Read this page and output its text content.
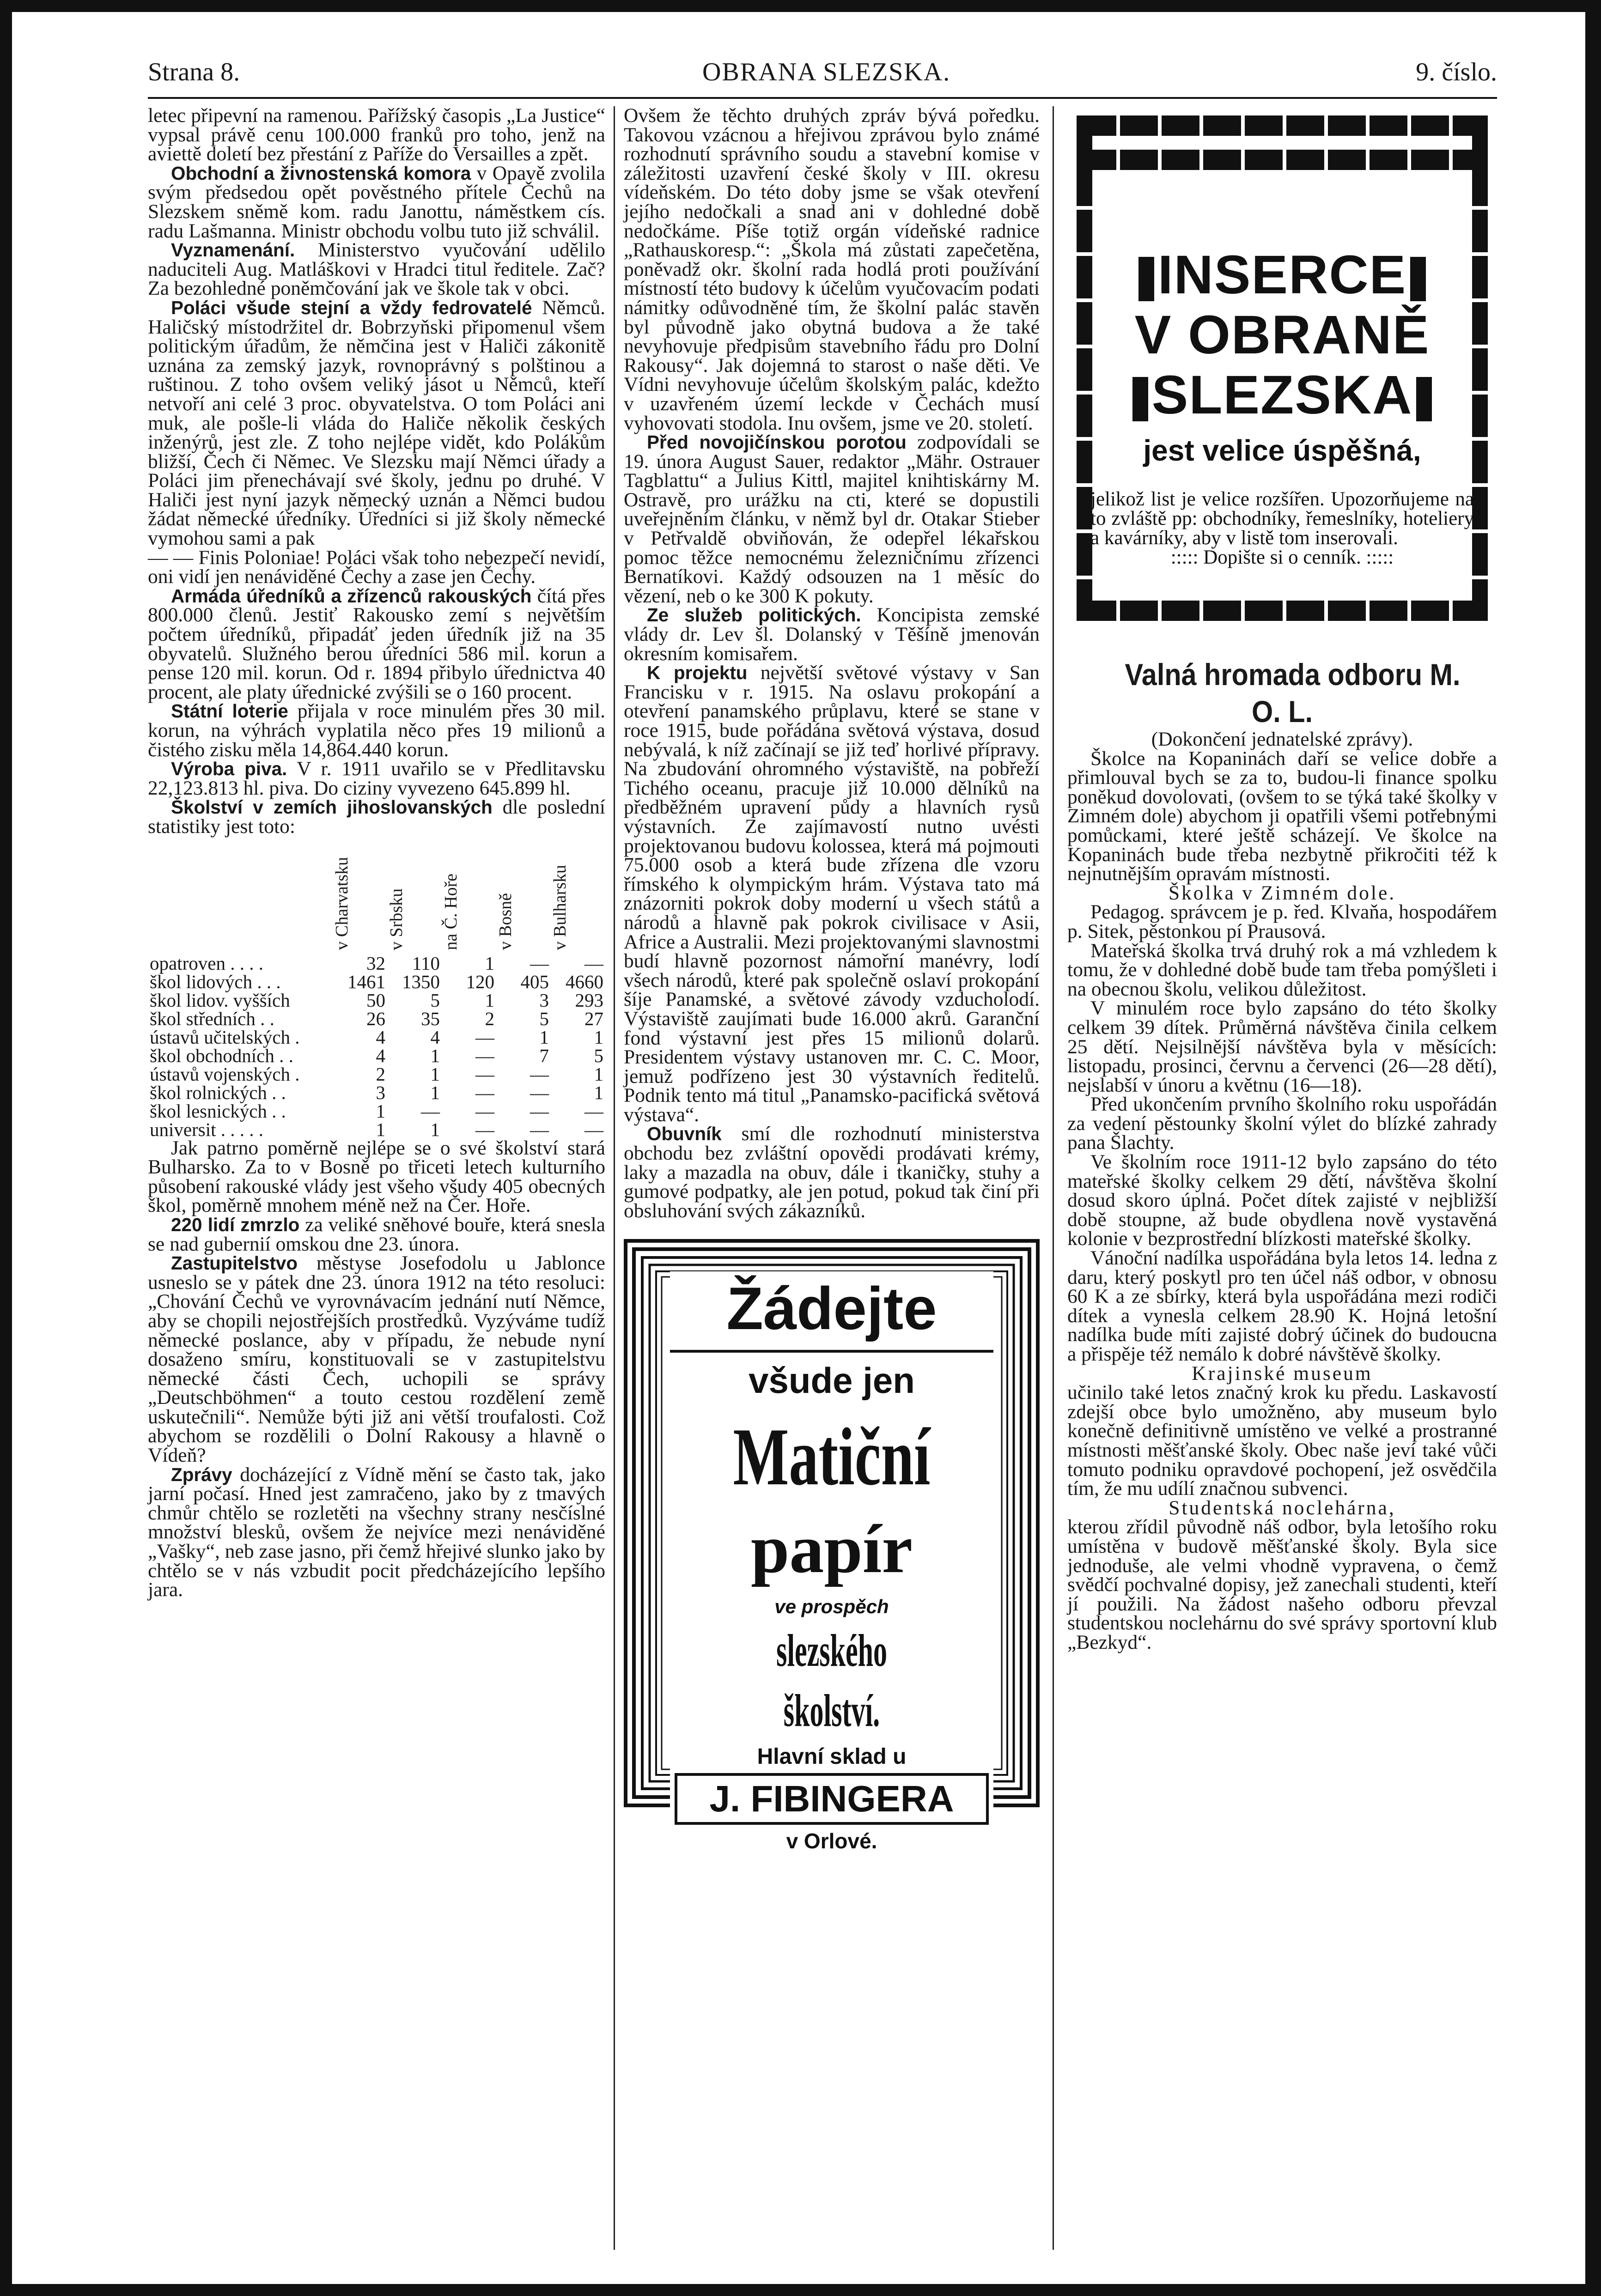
Strana 8.	OBRANA SLEZSKA.	9. číslo.

letec připevní na ramenou. Pařížský časopis „La Justice“ vypsal právě cenu 100.000 franků pro toho, jenž na aviettě doletí bez přestání z Paříže do Versailles a zpět.

Obchodní a živnostenská komora v Opavě zvolila svým předsedou opět pověstného přítele Čechů na Slezskem sněmě kom. radu Janottu, náměstkem cís. radu Lašmanna. Ministr obchodu volbu tuto již schválil.

Vyznamenání. Ministerstvo vyučování udělilo naduciteli Aug. Matláškovi v Hradci titul ředitele. Zač? Za bezohledné poněmčování jak ve škole tak v obci.

Poláci všude stejní a vždy fedrovatelé Němců. Haličský místodržitel dr. Bobrzyňski připomenul všem politickým úřadům, že němčina jest v Haliči zákonitě uznána za zemský jazyk, rovnoprávný s polštinou a ruštinou. Z toho ovšem veliký jásot u Němců, kteří netvoří ani celé 3 proc. obyvatelstva. O tom Poláci ani muk, ale pošle-li vláda do Haliče několik českých inženýrů, jest zle. Z toho nejlépe vidět, kdo Polákům bližší, Čech či Němec. Ve Slezsku mají Němci úřady a Poláci jim přenechávají své školy, jednu po druhé. V Haliči jest nyní jazyk německý uznán a Němci budou žádat německé úředníky. Úředníci si již školy německé vymohou sami a pak

— — Finis Poloniae! Poláci však toho nebezpečí nevidí, oni vidí jen nenáviděné Čechy a zase jen Čechy.

Armáda úředníků a zřízenců rakouských čítá přes 800.000 členů. Jestiť Rakousko zemí s největším počtem úředníků, připadáť jeden úředník již na 35 obyvatelů. Služného berou úředníci 586 mil. korun a pense 120 mil. korun. Od r. 1894 přibylo úřednictva 40 procent, ale platy úřednické zvýšili se o 160 procent.

Státní loterie přijala v roce minulém přes 30 mil. korun, na výhrách vyplatila něco přes 19 milionů a čistého zisku měla 14,864.440 korun.

Výroba piva. V r. 1911 uvařilo se v Předlitavsku 22,123.813 hl. piva. Do ciziny vyvezeno 645.899 hl.

Školství v zemích jihoslovanských dle poslední statistiky jest toto:

	v Charvatsku	v Srbsku	na Č. Hoře	v Bosně	v Bulharsku
opatroven . . . .	32	110	1	—	—
škol lidových . . .	1461	1350	120	405	4660
škol lidov. vyšších	50	5	1	3	293
škol středních . .	26	35	2	5	27
ústavů učitelských .	4	4	—	1	1
škol obchodních . .	4	1	—	7	5
ústavů vojenských .	2	1	—	—	1
škol rolnických . .	3	1	—	—	1
škol lesnických . .	1	—	—	—	—
universit . . . . .	1	1	—	—	—

Jak patrno poměrně nejlépe se o své školství stará Bulharsko. Za to v Bosně po třiceti letech kulturního působení rakouské vlády jest všeho všudy 405 obecných škol, poměrně mnohem méně než na Čer. Hoře.

220 lidí zmrzlo za veliké sněhové bouře, která snesla se nad gubernií omskou dne 23. února.

Zastupitelstvo městyse Josefodolu u Jablonce usneslo se v pátek dne 23. února 1912 na této resoluci: „Chování Čechů ve vyrovnávacím jednání nutí Němce, aby se chopili nejostřejších prostředků. Vyzýváme tudíž německé poslance, aby v případu, že nebude nyní dosaženo smíru, konstituovali se v zastupitelstvu německé části Čech, uchopili se správy „Deutschböhmen“ a touto cestou rozdělení země uskutečnili“. Nemůže býti již ani větší troufalosti. Což abychom se rozdělili o Dolní Rakousy a hlavně o Vídeň?

Zprávy docházející z Vídně mění se často tak, jako jarní počasí. Hned jest zamračeno, jako by z tmavých chmůr chtělo se rozletěti na všechny strany nesčíslné množství blesků, ovšem že nejvíce mezi nenáviděné „Vašky“, neb zase jasno, při čemž hřejivé slunko jako by chtělo se v nás vzbudit pocit předcházejícího lepšího jara.

Ovšem že těchto druhých zpráv bývá poředku. Takovou vzácnou a hřejivou zprávou bylo známé rozhodnutí správního soudu a stavební komise v záležitosti uzavření české školy v III. okresu vídeňském. Do této doby jsme se však otevření jejího nedočkali a snad ani v dohledné době nedočkáme. Píše totiž orgán vídeňské radnice „Rathauskoresp.“: „Škola má zůstati zapečetěna, poněvadž okr. školní rada hodlá proti používání místností této budovy k účelům vyučovacím podati námitky odůvodněné tím, že školní palác stavěn byl původně jako obytná budova a že také nevyhovuje předpisům stavebního řádu pro Dolní Rakousy“. Jak dojemná to starost o naše děti. Ve Vídni nevyhovuje účelům školským palác, kdežto v uzavřeném území leckde v Čechách musí vyhovovati stodola. Inu ovšem, jsme ve 20. století.

Před novojičínskou porotou zodpovídali se 19. února August Sauer, redaktor „Mähr. Ostrauer Tagblattu“ a Julius Kittl, majitel knihtiskárny M. Ostravě, pro urážku na cti, které se dopustili uveřejněním článku, v němž byl dr. Otakar Stieber v Petřvaldě obviňován, že odepřel lékařskou pomoc těžce nemocnému železničnímu zřízenci Bernatíkovi. Každý odsouzen na 1 měsíc do vězení, neb o ke 300 K pokuty.

Ze služeb politických. Koncipista zemské vlády dr. Lev šl. Dolanský v Těšíně jmenován okresním komisařem.

K projektu největší světové výstavy v San Francisku v r. 1915. Na oslavu prokopání a otevření panamského průplavu, které se stane v roce 1915, bude pořádána světová výstava, dosud nebývalá, k níž začínají se již teď horlivé přípravy. Na zbudování ohromného výstaviště, na pobřeží Tichého oceanu, pracuje již 10.000 dělníků na předběžném upravení půdy a hlavních rysů výstavních. Ze zajímavostí nutno uvésti projektovanou budovu kolossea, která má pojmouti 75.000 osob a která bude zřízena dle vzoru římského k olympickým hrám. Výstava tato má znázorniti pokrok doby moderní u všech států a národů a hlavně pak pokrok civilisace v Asii, Africe a Australii. Mezi projektovanými slavnostmi budí hlavně pozornost námořní manévry, lodí všech národů, které pak společně oslaví prokopání šíje Panamské, a světové závody vzducholodí. Výstaviště zaujímati bude 16.000 akrů. Garanční fond výstavní jest přes 15 milionů dolarů. Presidentem výstavy ustanoven mr. C. C. Moor, jemuž podřízeno jest 30 výstavních ředitelů. Podnik tento má titul „Panamsko-pacifická světová výstava“.

Obuvník smí dle rozhodnutí ministerstva obchodu bez zvláštní opovědi prodávati krémy, laky a mazadla na obuv, dále i tkaničky, stuhy a gumové podpatky, ale jen potud, pokud tak činí při obsluhování svých zákazníků.

Žádejte
všude jen
Matiční
papír
ve prospěch
slezského školství.
Hlavní sklad u
J. FIBINGERA
v Orlové.
INSERCE
V OBRANĚ
SLEZSKA
jest velice úspěšná,
jelikož list je velice rozšířen. Upozorňujeme na to zvláště pp: obchodníky, řemeslníky, hoteliery a kavárníky, aby v listě tom inserovali.
::::: Dopište si o cenník. :::::

Valná hromada odboru M. O. L.

(Dokončení jednatelské zprávy).

Školce na Kopaninách daří se velice dobře a přimlouval bych se za to, budou-li finance spolku poněkud dovolovati, (ovšem to se týká také školky v Zimném dole) abychom ji opatřili všemi potřebnými pomůckami, které ještě scházejí. Ve školce na Kopaninách bude třeba nezbytně přikročiti též k nejnutnějším opravám místnosti.

Školka v Zimném dole.

Pedagog. správcem je p. řed. Klvaňa, hospodářem p. Sitek, pěstonkou pí Prausová.

Mateřská školka trvá druhý rok a má vzhledem k tomu, že v dohledné době bude tam třeba pomýšleti i na obecnou školu, velikou důležitost.

V minulém roce bylo zapsáno do této školky celkem 39 dítek. Průměrná návštěva činila celkem 25 dětí. Nejsilnější návštěva byla v měsících: listopadu, prosinci, červnu a červenci (26—28 dětí), nejslabší v únoru a květnu (16—18).

Před ukončením prvního školního roku uspořádán za vedení pěstounky školní výlet do blízké zahrady pana Šlachty.

Ve školním roce 1911-12 bylo zapsáno do této mateřské školky celkem 29 dětí, návštěva školní dosud skoro úplná. Počet dítek zajisté v nejbližší době stoupne, až bude obydlena nově vystavěná kolonie v bezprostřední blízkosti mateřské školky.

Vánoční nadílka uspořádána byla letos 14. ledna z daru, který poskytl pro ten účel náš odbor, v obnosu 60 K a ze sbírky, která byla uspořádána mezi rodiči dítek a vynesla celkem 28.90 K. Hojná letošní nadílka bude míti zajisté dobrý účinek do budoucna a přispěje též nemálo k dobré návštěvě školky.

Krajinské museum

učinilo také letos značný krok ku předu. Laskavostí zdejší obce bylo umožněno, aby museum bylo konečně definitivně umístěno ve velké a prostranné místnosti měšťanské školy. Obec naše jeví také vůči tomuto podniku opravdové pochopení, jež osvědčila tím, že mu udílí značnou subvenci.

Studentská noclehárna,

kterou zřídil původně náš odbor, byla letošího roku umístěna v budově měšťanské školy. Byla sice jednoduše, ale velmi vhodně vypravena, o čemž svědčí pochvalné dopisy, jež zanechali studenti, kteří jí použili. Na žádost našeho odboru převzal studentskou noclehárnu do své správy sportovní klub „Bezkyd“.
